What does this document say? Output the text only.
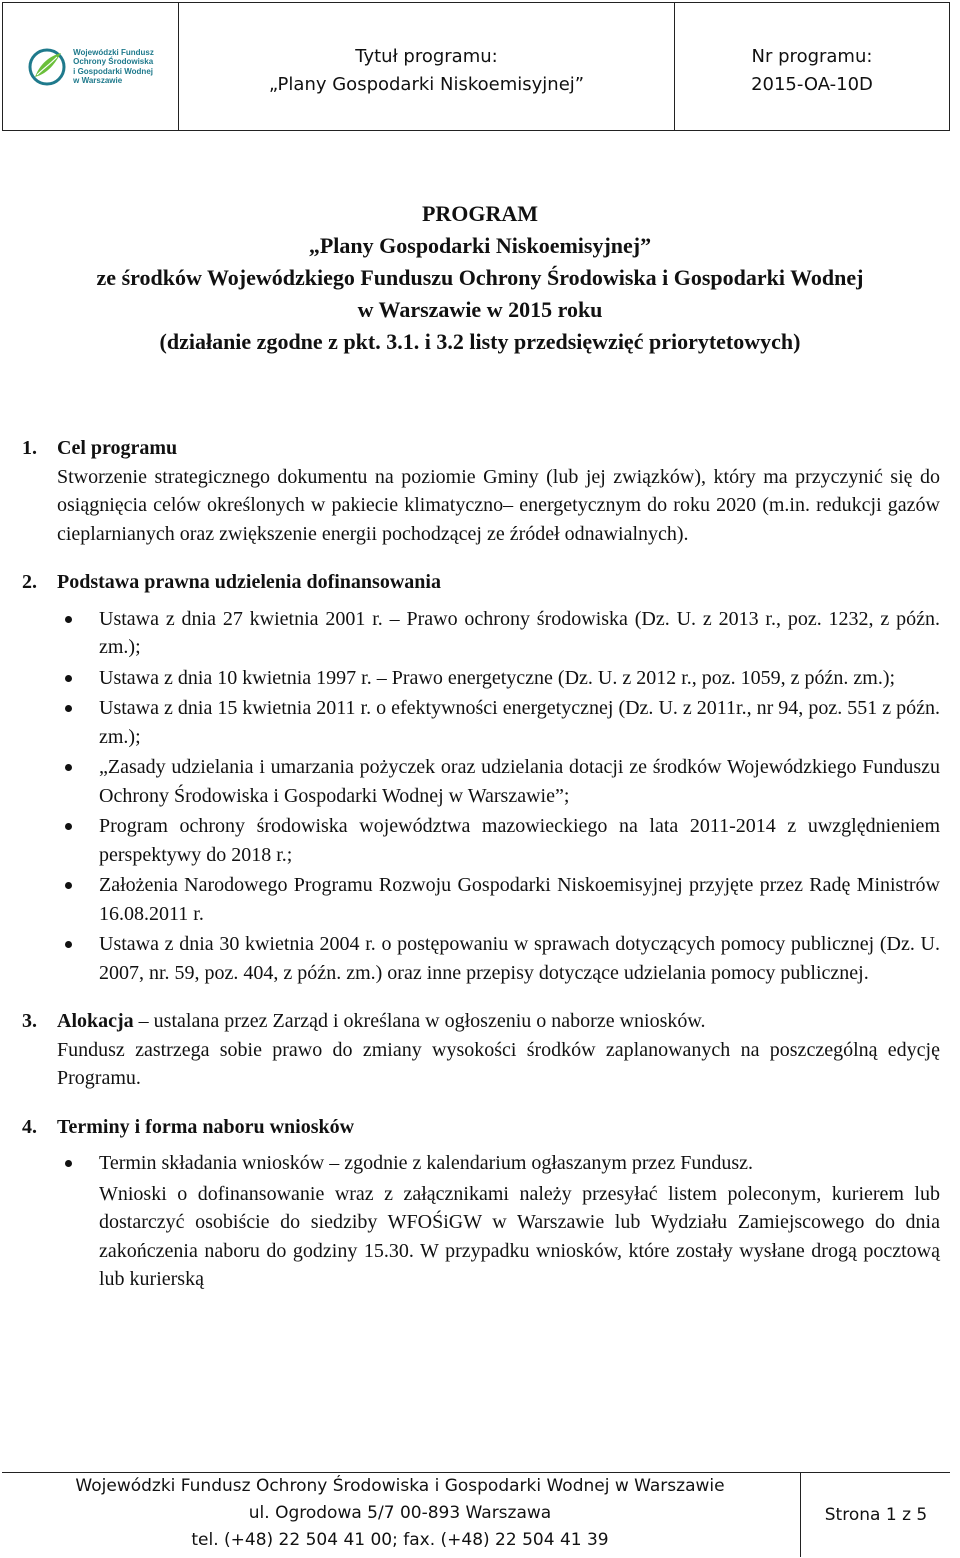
Wojewódzki Fundusz
Ochrony Środowiska
i Gospodarki Wodnej
w Warszawie
Tytuł programu:
„Plany Gospodarki Niskoemisyjnej”
Nr programu:
2015-OA-10D
PROGRAM
„Plany Gospodarki Niskoemisyjnej”
ze środków Wojewódzkiego Funduszu Ochrony Środowiska i Gospodarki Wodnej
w Warszawie w 2015 roku
(działanie zgodne z pkt. 3.1. i 3.2 listy przedsięwzięć priorytetowych)
1. Cel programu
Stworzenie strategicznego dokumentu na poziomie Gminy (lub jej związków), który ma przyczynić się do osiągnięcia celów określonych w pakiecie klimatyczno– energetycznym do roku 2020 (m.in. redukcji gazów cieplarnianych oraz zwiększenie energii pochodzącej ze źródeł odnawialnych).
2. Podstawa prawna udzielenia dofinansowania
Ustawa z dnia 27 kwietnia 2001 r. – Prawo ochrony środowiska (Dz. U. z 2013 r., poz. 1232, z późn. zm.);
Ustawa z dnia 10 kwietnia 1997 r. – Prawo energetyczne (Dz. U. z 2012 r., poz. 1059, z późn. zm.);
Ustawa z dnia 15 kwietnia 2011 r. o efektywności energetycznej (Dz. U. z 2011r., nr 94, poz. 551 z późn. zm.);
„Zasady udzielania i umarzania pożyczek oraz udzielania dotacji ze środków Wojewódzkiego Funduszu Ochrony Środowiska i Gospodarki Wodnej w Warszawie”;
Program ochrony środowiska województwa mazowieckiego na lata 2011-2014 z uwzględnieniem perspektywy do 2018 r.;
Założenia Narodowego Programu Rozwoju Gospodarki Niskoemisyjnej przyjęte przez Radę Ministrów 16.08.2011 r.
Ustawa z dnia 30 kwietnia 2004 r. o postępowaniu w sprawach dotyczących pomocy publicznej (Dz. U. 2007, nr. 59, poz. 404, z późn. zm.) oraz inne przepisy dotyczące udzielania pomocy publicznej.
3. Alokacja – ustalana przez Zarząd i określana w ogłoszeniu o naborze wniosków.
Fundusz zastrzega sobie prawo do zmiany wysokości środków zaplanowanych na poszczególną edycję Programu.
4. Terminy i forma naboru wniosków
Termin składania wniosków – zgodnie z kalendarium ogłaszanym przez Fundusz.
Wnioski o dofinansowanie wraz z załącznikami należy przesyłać listem poleconym, kurierem lub dostarczyć osobiście do siedziby WFOŚiGW w Warszawie lub Wydziału Zamiejscowego do dnia zakończenia naboru do godziny 15.30. W przypadku wniosków, które zostały wysłane drogą pocztową lub kurierską
Wojewódzki Fundusz Ochrony Środowiska i Gospodarki Wodnej w Warszawie
ul. Ogrodowa 5/7 00-893 Warszawa
tel. (+48) 22 504 41 00; fax. (+48) 22 504 41 39
Strona
1
z
5
